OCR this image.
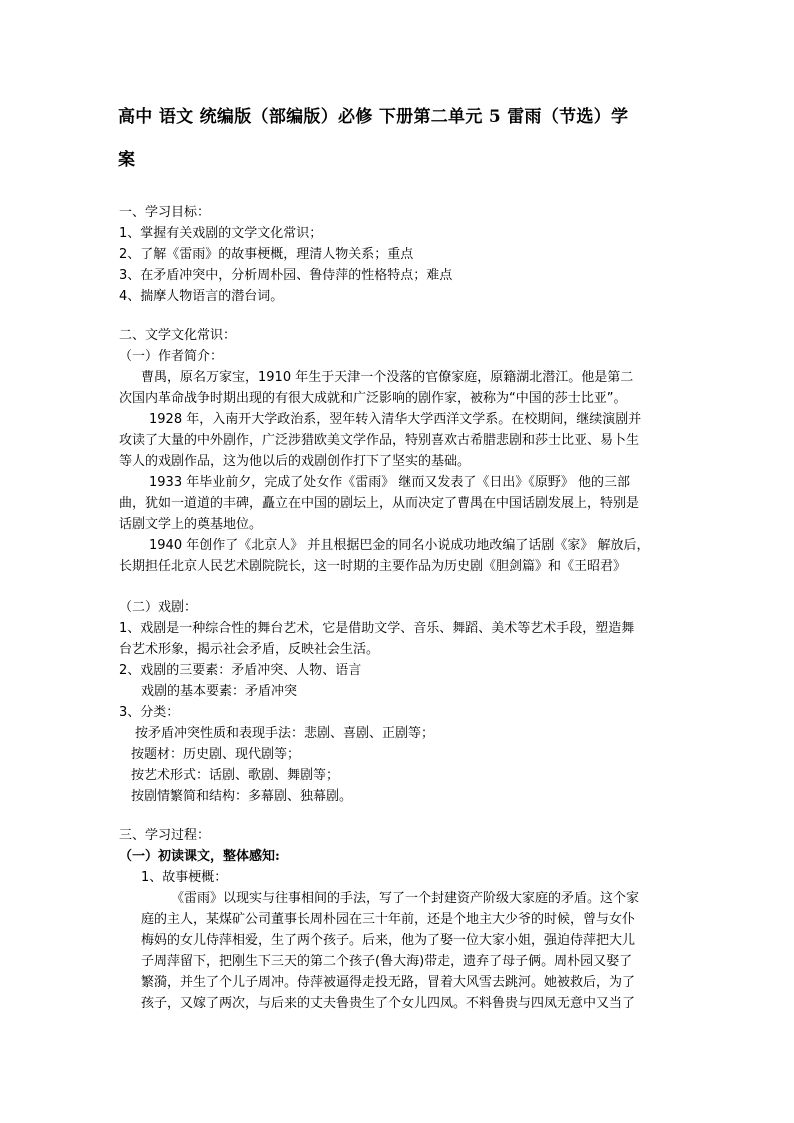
高中 语文 统编版（部编版）必修 下册第二单元 5 雷雨（节选）学
案
一、学习目标：
1、掌握有关戏剧的文学文化常识；
2、了解《雷雨》的故事梗概，理清人物关系；重点
3、在矛盾冲突中，分析周朴园、鲁侍萍的性格特点；难点
4、揣摩人物语言的潜台词。
二、文学文化常识：
（一）作者简介：
曹禺，原名万家宝，1910 年生于天津一个没落的官僚家庭，原籍湖北潜江。他是第二
次国内革命战争时期出现的有很大成就和广泛影响的剧作家，被称为“中国的莎士比亚”。
1928 年，入南开大学政治系，翌年转入清华大学西洋文学系。在校期间，继续演剧并
攻读了大量的中外剧作，广泛涉猎欧美文学作品，特别喜欢古希腊悲剧和莎士比亚、易卜生
等人的戏剧作品，这为他以后的戏剧创作打下了坚实的基础。
1933 年毕业前夕，完成了处女作《雷雨》 继而又发表了《日出》《原野》 他的三部
曲，犹如一道道的丰碑，矗立在中国的剧坛上，从而决定了曹禺在中国话剧发展上，特别是
话剧文学上的奠基地位。
1940 年创作了《北京人》 并且根据巴金的同名小说成功地改编了话剧《家》 解放后，
长期担任北京人民艺术剧院院长，这一时期的主要作品为历史剧《胆剑篇》和《王昭君》
（二）戏剧：
1、戏剧是一种综合性的舞台艺术，它是借助文学、音乐、舞蹈、美术等艺术手段，塑造舞
台艺术形象，揭示社会矛盾，反映社会生活。
2、戏剧的三要素：矛盾冲突、人物、语言
戏剧的基本要素：矛盾冲突
3、分类：
按矛盾冲突性质和表现手法：悲剧、喜剧、正剧等；
按题材：历史剧、现代剧等；
按艺术形式：话剧、歌剧、舞剧等；
按剧情繁简和结构：多幕剧、独幕剧。
三、学习过程：
（一）初读课文，整体感知:
1、故事梗概：
《雷雨》以现实与往事相间的手法，写了一个封建资产阶级大家庭的矛盾。这个家
庭的主人，某煤矿公司董事长周朴园在三十年前，还是个地主大少爷的时候，曾与女仆
梅妈的女儿侍萍相爱，生了两个孩子。后来，他为了娶一位大家小姐，强迫侍萍把大儿
子周萍留下，把刚生下三天的第二个孩子(鲁大海)带走，遗弃了母子俩。周朴园又娶了
繁漪，并生了个儿子周冲。侍萍被逼得走投无路，冒着大风雪去跳河。她被救后，为了
孩子，又嫁了两次，与后来的丈夫鲁贵生了个女儿四凤。不料鲁贵与四凤无意中又当了
